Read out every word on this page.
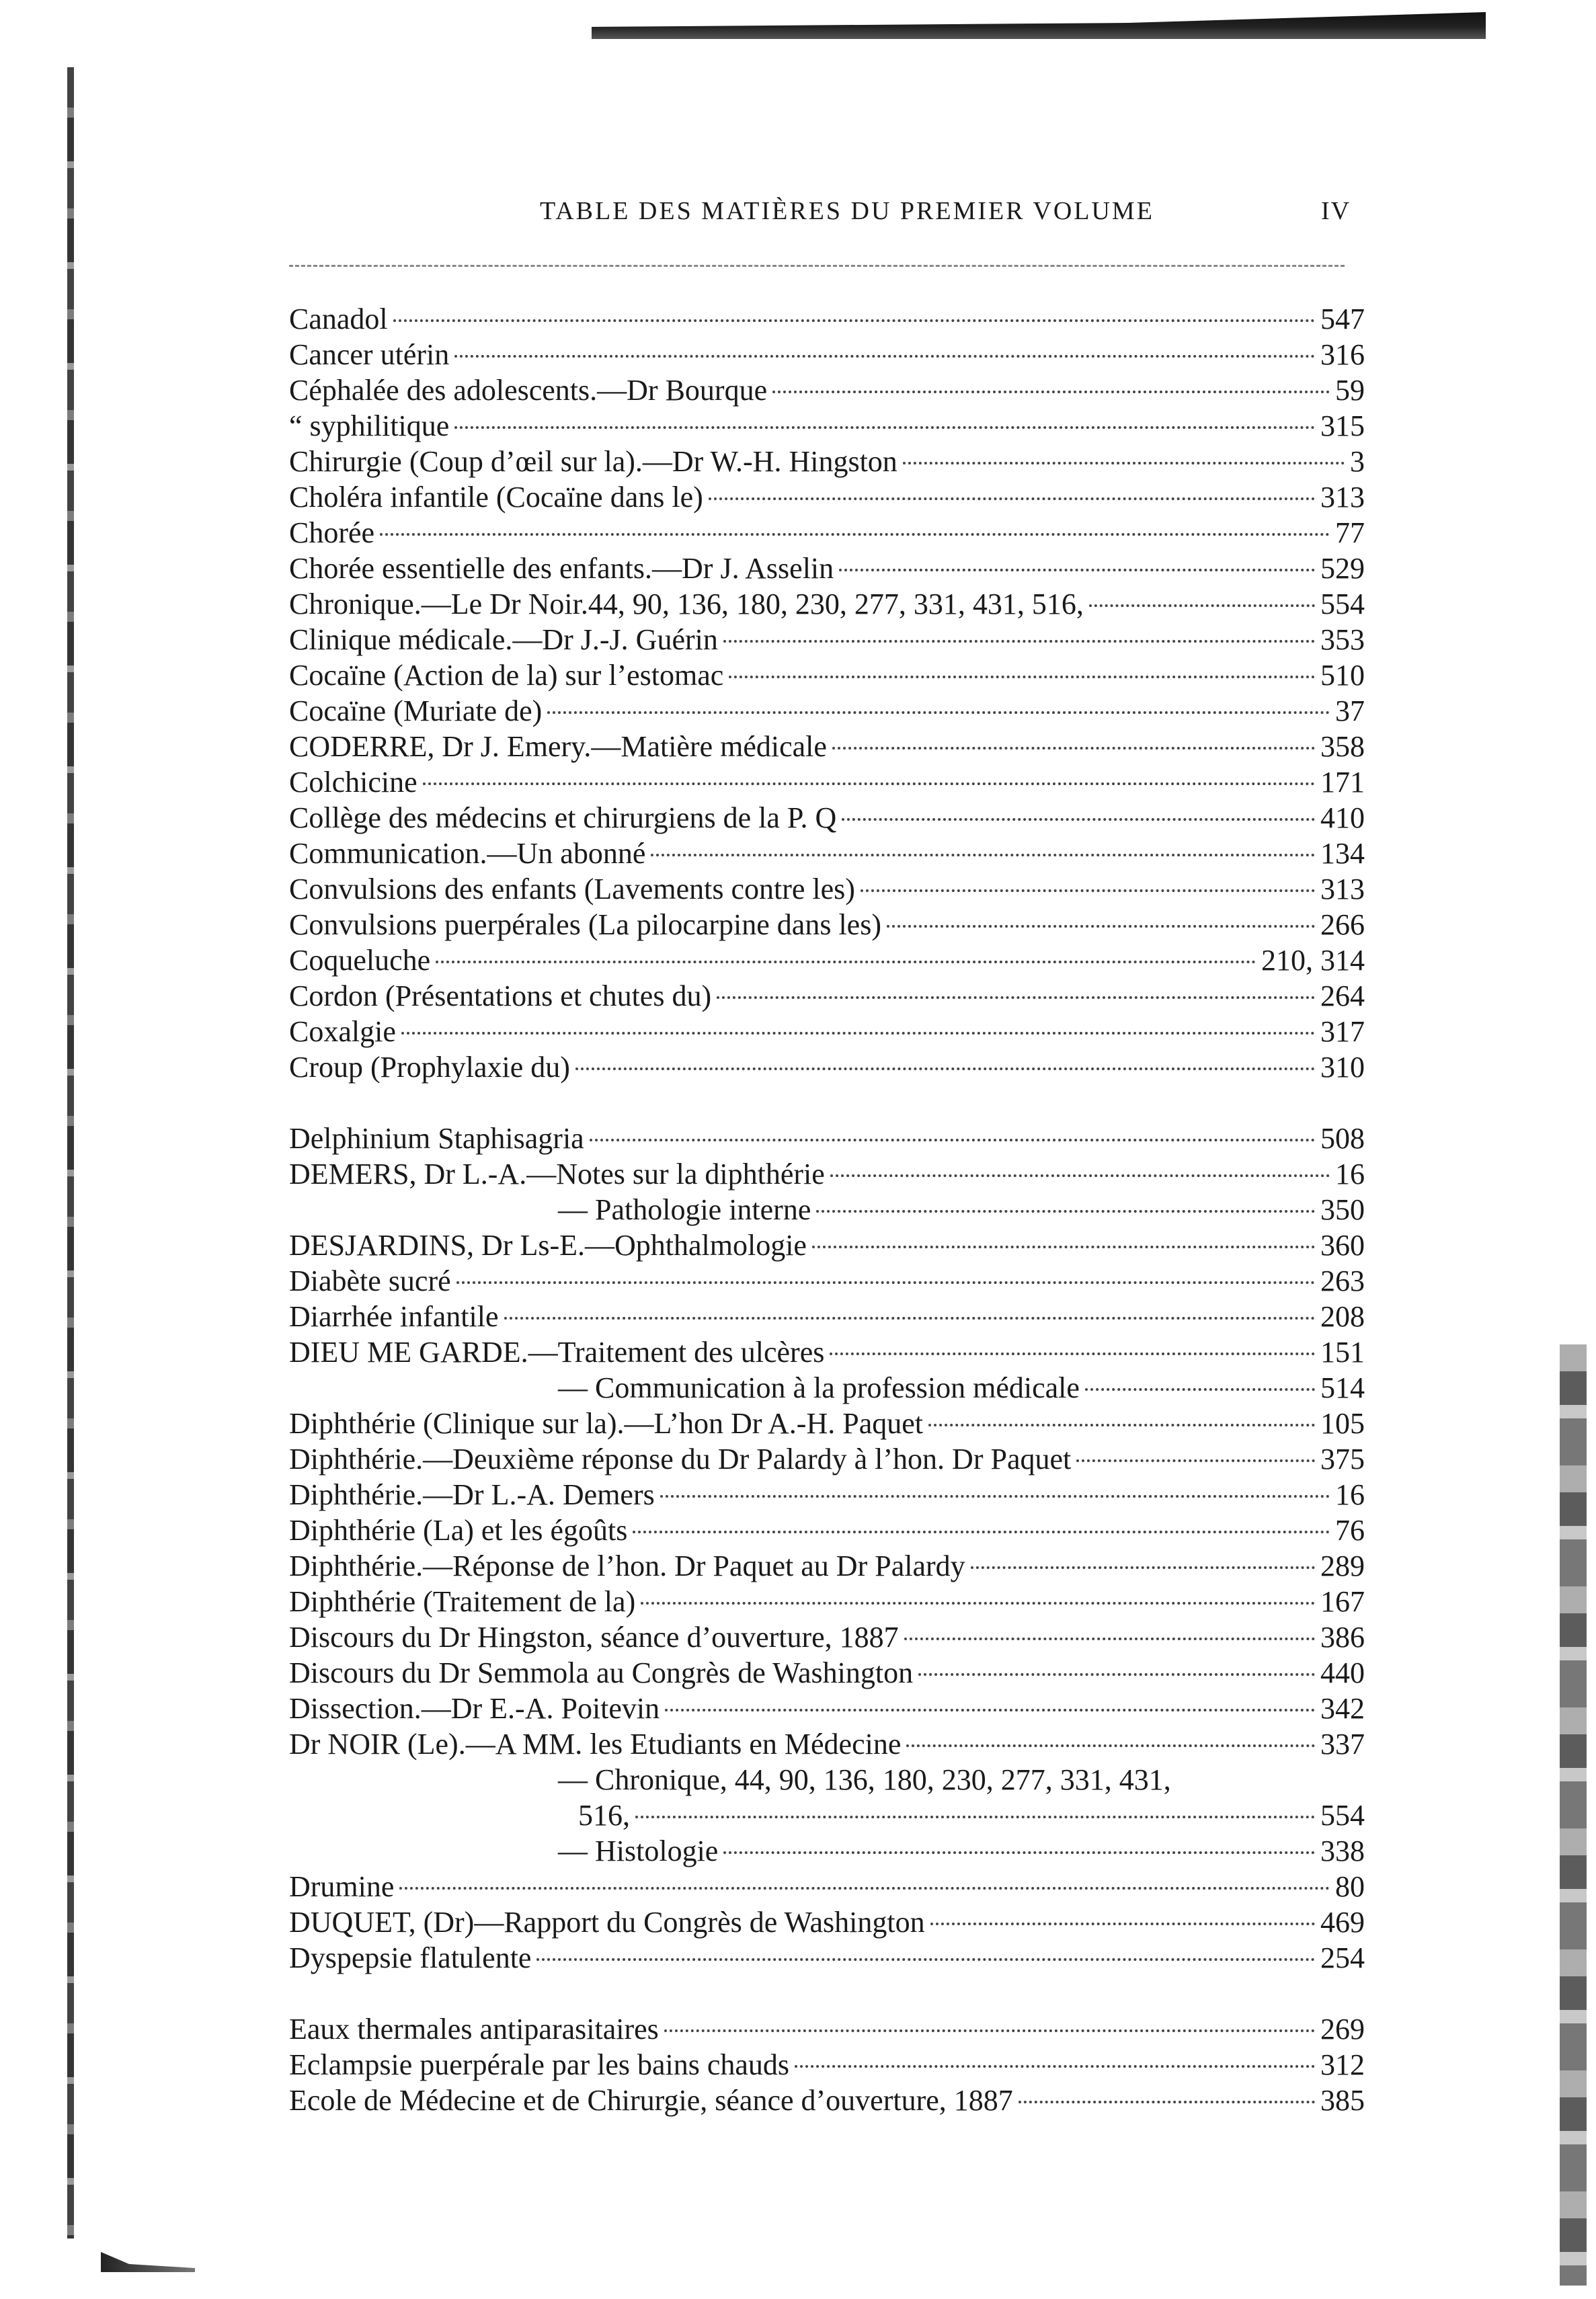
TABLE DES MATIÈRES DU PREMIER VOLUME	IV
Canadol	547
Cancer utérin	316
Céphalée des adolescents.—Dr Bourque	59
“ syphilitique	315
Chirurgie (Coup d’œil sur la).—Dr W.-H. Hingston	3
Choléra infantile (Cocaïne dans le)	313
Chorée	77
Chorée essentielle des enfants.—Dr J. Asselin	529
Chronique.—Le Dr Noir.44, 90, 136, 180, 230, 277, 331, 431, 516,	554
Clinique médicale.—Dr J.-J. Guérin	353
Cocaïne (Action de la) sur l’estomac	510
Cocaïne (Muriate de)	37
CODERRE, Dr J. Emery.—Matière médicale	358
Colchicine	171
Collège des médecins et chirurgiens de la P. Q	410
Communication.—Un abonné	134
Convulsions des enfants (Lavements contre les)	313
Convulsions puerpérales (La pilocarpine dans les)	266
Coqueluche	210, 314
Cordon (Présentations et chutes du)	264
Coxalgie	317
Croup (Prophylaxie du)	310
Delphinium Staphisagria	508
DEMERS, Dr L.-A.—Notes sur la diphthérie	16
— Pathologie interne	350
DESJARDINS, Dr Ls-E.—Ophthalmologie	360
Diabète sucré	263
Diarrhée infantile	208
DIEU ME GARDE.—Traitement des ulcères	151
— Communication à la profession médicale	514
Diphthérie (Clinique sur la).—L’hon Dr A.-H. Paquet	105
Diphthérie.—Deuxième réponse du Dr Palardy à l’hon. Dr Paquet	375
Diphthérie.—Dr L.-A. Demers	16
Diphthérie (La) et les égoûts	76
Diphthérie.—Réponse de l’hon. Dr Paquet au Dr Palardy	289
Diphthérie (Traitement de la)	167
Discours du Dr Hingston, séance d’ouverture, 1887	386
Discours du Dr Semmola au Congrès de Washington	440
Dissection.—Dr E.-A. Poitevin	342
Dr NOIR (Le).—A MM. les Etudiants en Médecine	337
— Chronique, 44, 90, 136, 180, 230, 277, 331, 431,
516,	554
— Histologie	338
Drumine	80
DUQUET, (Dr)—Rapport du Congrès de Washington	469
Dyspepsie flatulente	254
Eaux thermales antiparasitaires	269
Eclampsie puerpérale par les bains chauds	312
Ecole de Médecine et de Chirurgie, séance d’ouverture, 1887	385
